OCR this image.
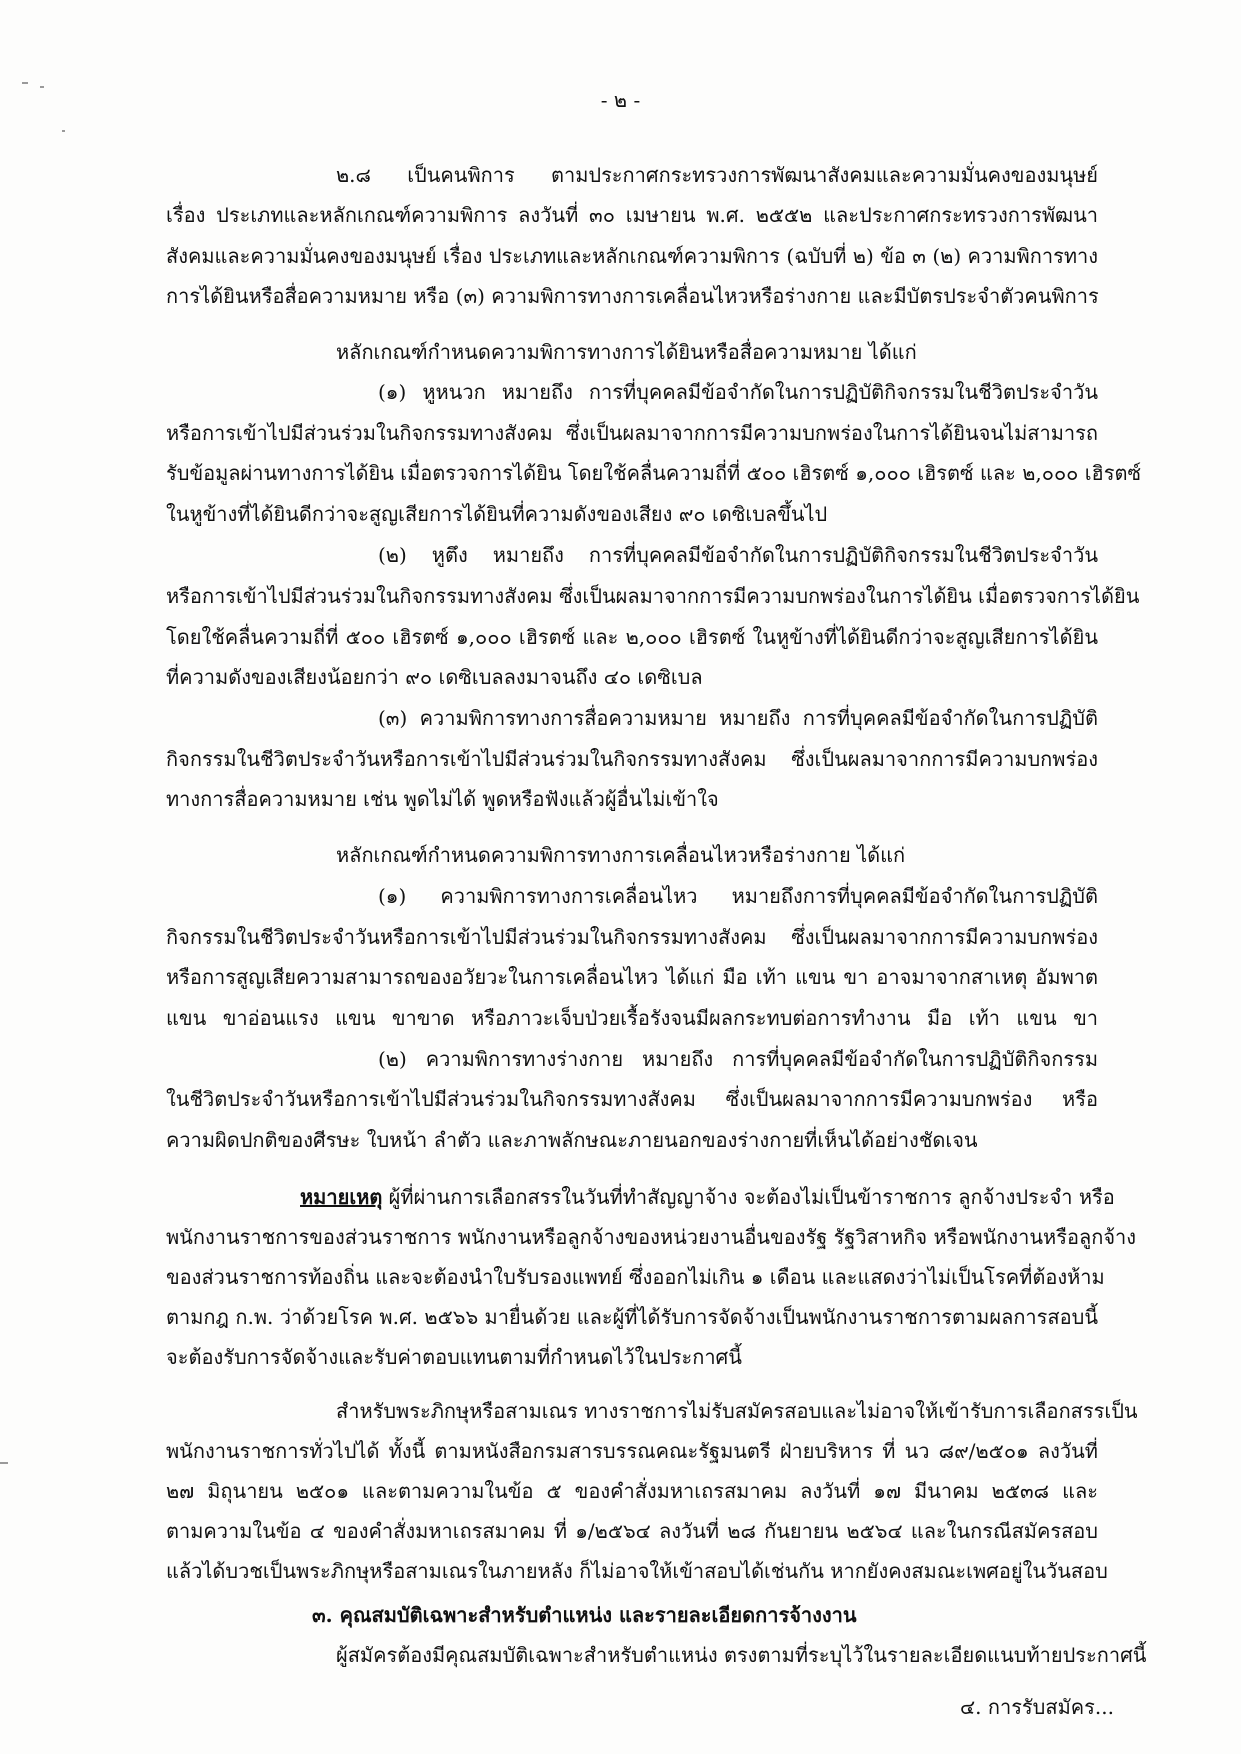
- ๒ -
๒.๘ เป็นคนพิการ ตามประกาศกระทรวงการพัฒนาสังคมและความมั่นคงของมนุษย์
เรื่อง ประเภทและหลักเกณฑ์ความพิการ ลงวันที่ ๓๐ เมษายน พ.ศ. ๒๕๕๒ และประกาศกระทรวงการพัฒนา
สังคมและความมั่นคงของมนุษย์ เรื่อง ประเภทและหลักเกณฑ์ความพิการ (ฉบับที่ ๒) ข้อ ๓ (๒) ความพิการทาง
การได้ยินหรือสื่อความหมาย หรือ (๓) ความพิการทางการเคลื่อนไหวหรือร่างกาย และมีบัตรประจำตัวคนพิการ
หลักเกณฑ์กำหนดความพิการทางการได้ยินหรือสื่อความหมาย ได้แก่
(๑) หูหนวก หมายถึง การที่บุคคลมีข้อจำกัดในการปฏิบัติกิจกรรมในชีวิตประจำวัน
หรือการเข้าไปมีส่วนร่วมในกิจกรรมทางสังคม ซึ่งเป็นผลมาจากการมีความบกพร่องในการได้ยินจนไม่สามารถ
รับข้อมูลผ่านทางการได้ยิน เมื่อตรวจการได้ยิน โดยใช้คลื่นความถี่ที่ ๕๐๐ เฮิรตซ์ ๑,๐๐๐ เฮิรตซ์ และ ๒,๐๐๐ เฮิรตซ์
ในหูข้างที่ได้ยินดีกว่าจะสูญเสียการได้ยินที่ความดังของเสียง ๙๐ เดซิเบลขึ้นไป
(๒) หูตึง หมายถึง การที่บุคคลมีข้อจำกัดในการปฏิบัติกิจกรรมในชีวิตประจำวัน
หรือการเข้าไปมีส่วนร่วมในกิจกรรมทางสังคม ซึ่งเป็นผลมาจากการมีความบกพร่องในการได้ยิน เมื่อตรวจการได้ยิน
โดยใช้คลื่นความถี่ที่ ๕๐๐ เฮิรตซ์ ๑,๐๐๐ เฮิรตซ์ และ ๒,๐๐๐ เฮิรตซ์ ในหูข้างที่ได้ยินดีกว่าจะสูญเสียการได้ยิน
ที่ความดังของเสียงน้อยกว่า ๙๐ เดซิเบลลงมาจนถึง ๔๐ เดซิเบล
(๓) ความพิการทางการสื่อความหมาย หมายถึง การที่บุคคลมีข้อจำกัดในการปฏิบัติ
กิจกรรมในชีวิตประจำวันหรือการเข้าไปมีส่วนร่วมในกิจกรรมทางสังคม ซึ่งเป็นผลมาจากการมีความบกพร่อง
ทางการสื่อความหมาย เช่น พูดไม่ได้ พูดหรือฟังแล้วผู้อื่นไม่เข้าใจ
หลักเกณฑ์กำหนดความพิการทางการเคลื่อนไหวหรือร่างกาย ได้แก่
(๑) ความพิการทางการเคลื่อนไหว หมายถึงการที่บุคคลมีข้อจำกัดในการปฏิบัติ
กิจกรรมในชีวิตประจำวันหรือการเข้าไปมีส่วนร่วมในกิจกรรมทางสังคม ซึ่งเป็นผลมาจากการมีความบกพร่อง
หรือการสูญเสียความสามารถของอวัยวะในการเคลื่อนไหว ได้แก่ มือ เท้า แขน ขา อาจมาจากสาเหตุ อัมพาต
แขน ขาอ่อนแรง แขน ขาขาด หรือภาวะเจ็บป่วยเรื้อรังจนมีผลกระทบต่อการทำงาน มือ เท้า แขน ขา
(๒) ความพิการทางร่างกาย หมายถึง การที่บุคคลมีข้อจำกัดในการปฏิบัติกิจกรรม
ในชีวิตประจำวันหรือการเข้าไปมีส่วนร่วมในกิจกรรมทางสังคม ซึ่งเป็นผลมาจากการมีความบกพร่อง หรือ
ความผิดปกติของศีรษะ ใบหน้า ลำตัว และภาพลักษณะภายนอกของร่างกายที่เห็นได้อย่างชัดเจน
หมายเหตุ ผู้ที่ผ่านการเลือกสรรในวันที่ทำสัญญาจ้าง จะต้องไม่เป็นข้าราชการ ลูกจ้างประจำ หรือ
พนักงานราชการของส่วนราชการ พนักงานหรือลูกจ้างของหน่วยงานอื่นของรัฐ รัฐวิสาหกิจ หรือพนักงานหรือลูกจ้าง
ของส่วนราชการท้องถิ่น และจะต้องนำใบรับรองแพทย์ ซึ่งออกไม่เกิน ๑ เดือน และแสดงว่าไม่เป็นโรคที่ต้องห้าม
ตามกฎ ก.พ. ว่าด้วยโรค พ.ศ. ๒๕๖๖ มายื่นด้วย และผู้ที่ได้รับการจัดจ้างเป็นพนักงานราชการตามผลการสอบนี้
จะต้องรับการจัดจ้างและรับค่าตอบแทนตามที่กำหนดไว้ในประกาศนี้
สำหรับพระภิกษุหรือสามเณร ทางราชการไม่รับสมัครสอบและไม่อาจให้เข้ารับการเลือกสรรเป็น
พนักงานราชการทั่วไปได้ ทั้งนี้ ตามหนังสือกรมสารบรรณคณะรัฐมนตรี ฝ่ายบริหาร ที่ นว ๘๙/๒๕๐๑ ลงวันที่
๒๗ มิถุนายน ๒๕๐๑ และตามความในข้อ ๕ ของคำสั่งมหาเถรสมาคม ลงวันที่ ๑๗ มีนาคม ๒๕๓๘ และ
ตามความในข้อ ๔ ของคำสั่งมหาเถรสมาคม ที่ ๑/๒๕๖๔ ลงวันที่ ๒๘ กันยายน ๒๕๖๔ และในกรณีสมัครสอบ
แล้วได้บวชเป็นพระภิกษุหรือสามเณรในภายหลัง ก็ไม่อาจให้เข้าสอบได้เช่นกัน หากยังคงสมณะเพศอยู่ในวันสอบ
๓. คุณสมบัติเฉพาะสำหรับตำแหน่ง และรายละเอียดการจ้างงาน
ผู้สมัครต้องมีคุณสมบัติเฉพาะสำหรับตำแหน่ง ตรงตามที่ระบุไว้ในรายละเอียดแนบท้ายประกาศนี้
๔. การรับสมัคร...
